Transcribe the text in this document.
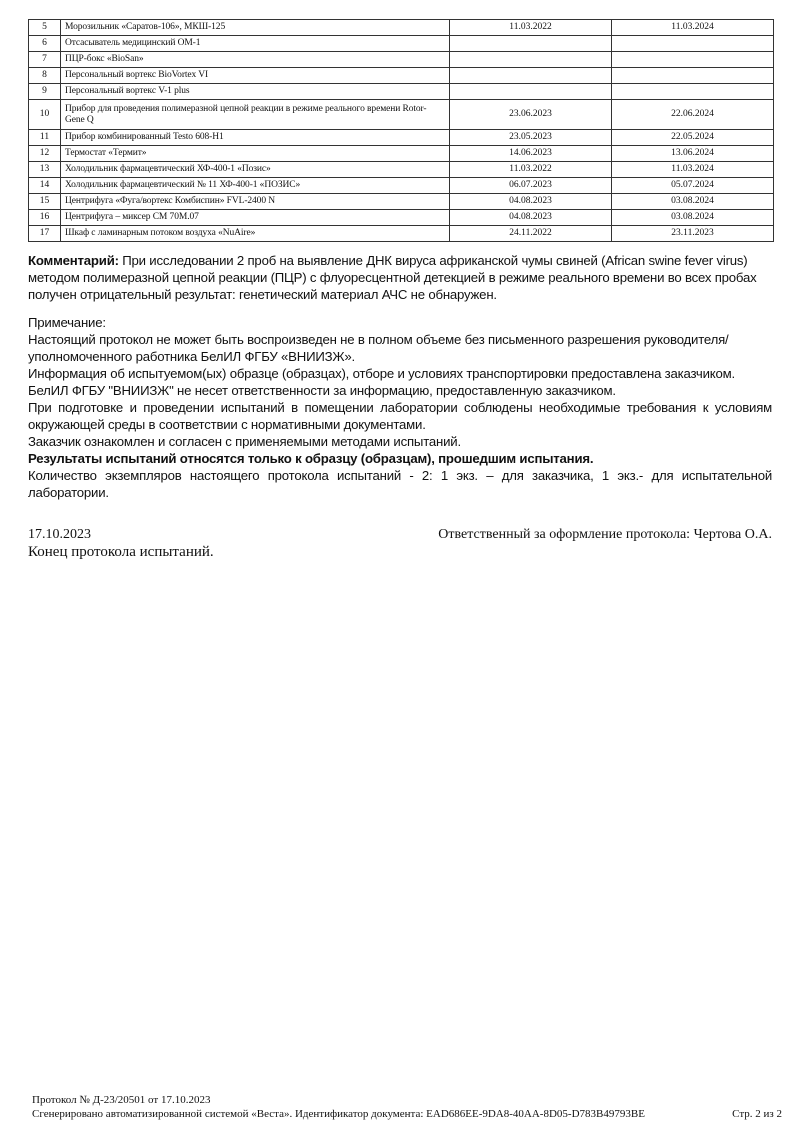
5	Морозильник «Саратов-106», МКШ-125	11.03.2022	11.03.2024
6	Отсасыватель медицинский ОМ-1		
7	ПЦР-бокс «BioSan»		
8	Персональный вортекс BioVortex VI		
9	Персональный вортекс V-1 plus		
10	Прибор для проведения полимеразной цепной реакции в режиме реального времени Rotor-Gene Q	23.06.2023	22.06.2024
11	Прибор комбинированный Testo 608-H1	23.05.2023	22.05.2024
12	Термостат «Термит»	14.06.2023	13.06.2024
13	Холодильник фармацевтический ХФ-400-1 «Позис»	11.03.2022	11.03.2024
14	Холодильник фармацевтический № 11 ХФ-400-1 «ПОЗИС»	06.07.2023	05.07.2024
15	Центрифуга «Фуга/вортекс Комбиспин» FVL-2400 N	04.08.2023	03.08.2024
16	Центрифуга – миксер СМ 70М.07	04.08.2023	03.08.2024
17	Шкаф с ламинарным потоком воздуха «NuAire»	24.11.2022	23.11.2023
Комментарий: При исследовании 2 проб на выявление ДНК вируса африканской чумы свиней (African swine fever virus) методом полимеразной цепной реакции (ПЦР) с флуоресцентной детекцией в режиме реального времени во всех пробах получен отрицательный результат: генетический материал АЧС не обнаружен.

Примечание:

Настоящий протокол не может быть воспроизведен не в полном объеме без письменного разрешения руководителя/уполномоченного работника БелИЛ ФГБУ «ВНИИЗЖ».

Информация об испытуемом(ых) образце (образцах), отборе и условиях транспортировки предоставлена заказчиком.

БелИЛ ФГБУ "ВНИИЗЖ" не несет ответственности за информацию, предоставленную заказчиком.

При подготовке и проведении испытаний в помещении лаборатории соблюдены необходимые требования к условиям окружающей среды в соответствии с нормативными документами.

Заказчик ознакомлен и согласен с применяемыми методами испытаний.

Результаты испытаний относятся только к образцу (образцам), прошедшим испытания.

Количество экземпляров настоящего протокола испытаний - 2: 1 экз. – для заказчика, 1 экз.- для испытательной лаборатории.

17.10.2023	Ответственный за оформление протокола: Чертова О.А.
Конец протокола испытаний.
Протокол № Д-23/20501 от 17.10.2023
Сгенерировано автоматизированной системой «Веста». Идентификатор документа: EAD686EE-9DA8-40AA-8D05-D783B49793BE	Стр. 2 из 2
